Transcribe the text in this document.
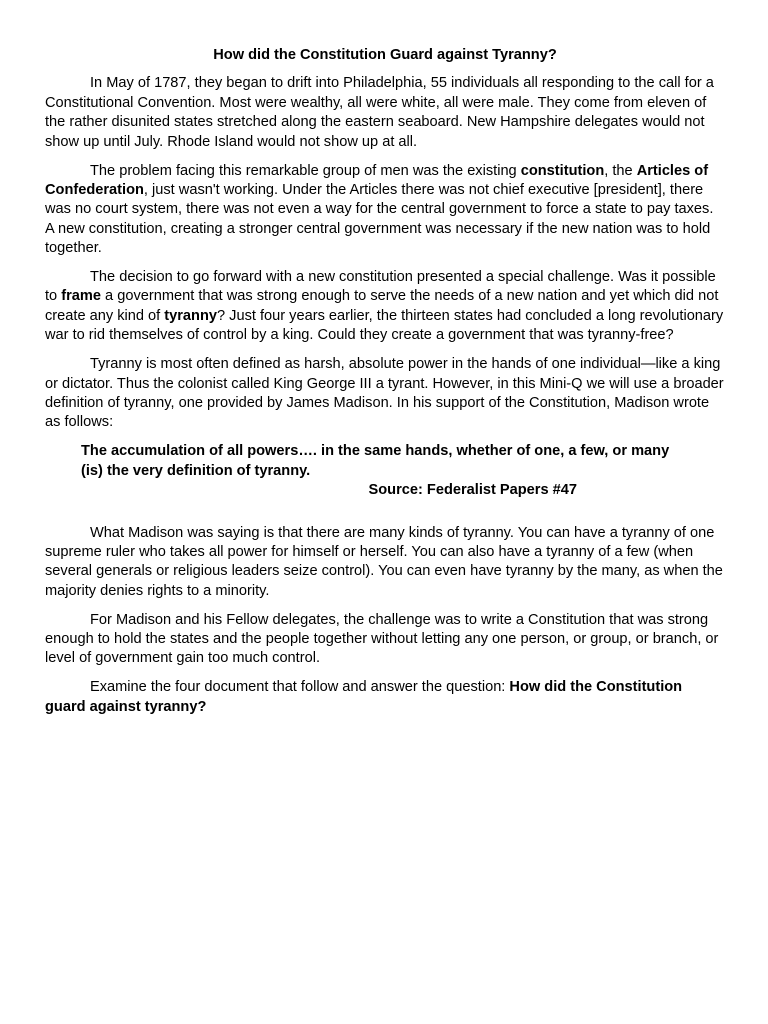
How did the Constitution Guard against Tyranny?

In May of 1787, they began to drift into Philadelphia, 55 individuals all responding to the call for a Constitutional Convention. Most were wealthy, all were white, all were male. They come from eleven of the rather disunited states stretched along the eastern seaboard. New Hampshire delegates would not show up until July. Rhode Island would not show up at all.

The problem facing this remarkable group of men was the existing constitution, the Articles of Confederation, just wasn't working. Under the Articles there was not chief executive [president], there was no court system, there was not even a way for the central government to force a state to pay taxes. A new constitution, creating a stronger central government was necessary if the new nation was to hold together.

The decision to go forward with a new constitution presented a special challenge. Was it possible to frame a government that was strong enough to serve the needs of a new nation and yet which did not create any kind of tyranny? Just four years earlier, the thirteen states had concluded a long revolutionary war to rid themselves of control by a king. Could they create a government that was tyranny-free?

Tyranny is most often defined as harsh, absolute power in the hands of one individual—like a king or dictator. Thus the colonist called King George III a tyrant. However, in this Mini-Q we will use a broader definition of tyranny, one provided by James Madison. In his support of the Constitution, Madison wrote as follows:

The accumulation of all powers…. in the same hands, whether of one, a few, or many (is) the very definition of tyranny.
Source: Federalist Papers #47

What Madison was saying is that there are many kinds of tyranny. You can have a tyranny of one supreme ruler who takes all power for himself or herself. You can also have a tyranny of a few (when several generals or religious leaders seize control). You can even have tyranny by the many, as when the majority denies rights to a minority.

For Madison and his Fellow delegates, the challenge was to write a Constitution that was strong enough to hold the states and the people together without letting any one person, or group, or branch, or level of government gain too much control.

Examine the four document that follow and answer the question: How did the Constitution guard against tyranny?
